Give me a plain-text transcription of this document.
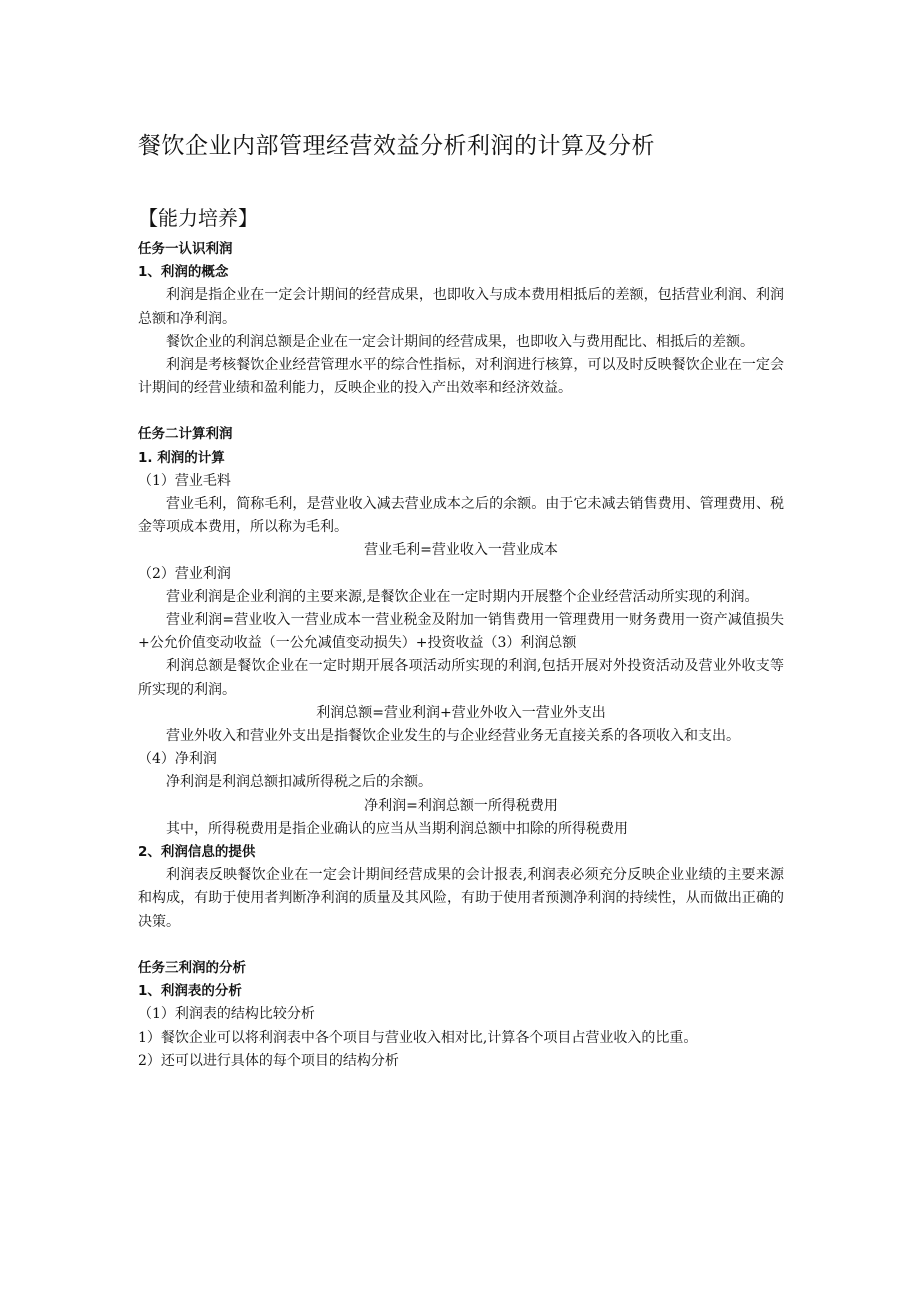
餐饮企业内部管理经营效益分析利润的计算及分析
【能力培养】

任务一认识利润

1、利润的概念

利润是指企业在一定会计期间的经营成果，也即收入与成本费用相抵后的差额，包括营业利润、利润总额和净利润。

餐饮企业的利润总额是企业在一定会计期间的经营成果，也即收入与费用配比、相抵后的差额。

利润是考核餐饮企业经营管理水平的综合性指标，对利润进行核算，可以及时反映餐饮企业在一定会计期间的经营业绩和盈利能力，反映企业的投入产出效率和经济效益。

任务二计算利润

1. 利润的计算

（1）营业毛料

营业毛利，简称毛利，是营业收入减去营业成本之后的余额。由于它未减去销售费用、管理费用、税金等项成本费用，所以称为毛利。

营业毛利=营业收入一营业成本

（2）营业利润

营业利润是企业利润的主要来源,是餐饮企业在一定时期内开展整个企业经营活动所实现的利润。

营业利润=营业收入一营业成本一营业税金及附加一销售费用一管理费用一财务费用一资产减值损失+公允价值变动收益（一公允减值变动损失）+投资收益（3）利润总额

利润总额是餐饮企业在一定时期开展各项活动所实现的利润,包括开展对外投资活动及营业外收支等所实现的利润。

利润总额=营业利润+营业外收入一营业外支出

营业外收入和营业外支出是指餐饮企业发生的与企业经营业务无直接关系的各项收入和支出。

（4）净利润

净利润是利润总额扣减所得税之后的余额。

净利润=利润总额一所得税费用

其中，所得税费用是指企业确认的应当从当期利润总额中扣除的所得税费用

2、利润信息的提供

利润表反映餐饮企业在一定会计期间经营成果的会计报表,利润表必须充分反映企业业绩的主要来源和构成，有助于使用者判断净利润的质量及其风险，有助于使用者预测净利润的持续性，从而做出正确的决策。

任务三利润的分析

1、利润表的分析

（1）利润表的结构比较分析

1）餐饮企业可以将利润表中各个项目与营业收入相对比,计算各个项目占营业收入的比重。

2）还可以进行具体的每个项目的结构分析
